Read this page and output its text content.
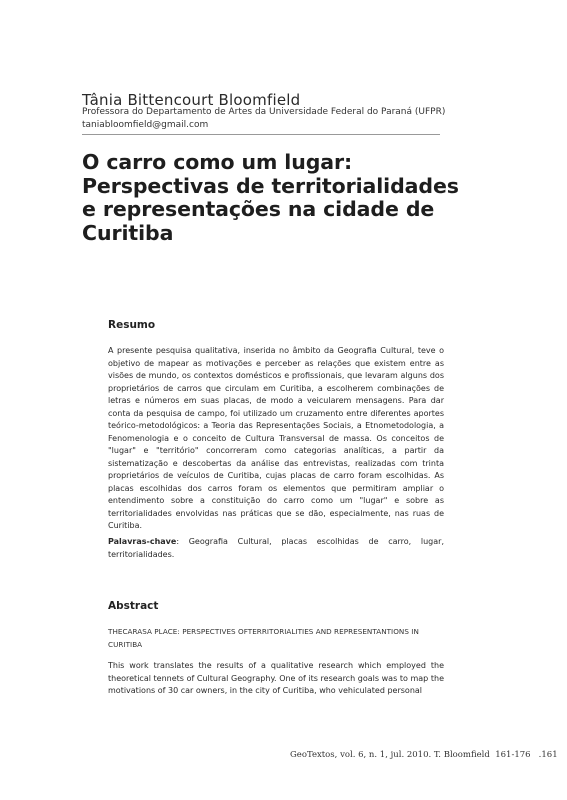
Tânia Bittencourt Bloomfield
Professora do Departamento de Artes da Universidade Federal do Paraná (UFPR)
taniabloomfield@gmail.com
O carro como um lugar:
Perspectivas de territorialidades
e representações na cidade de
Curitiba
Resumo
A presente pesquisa qualitativa, inserida no âmbito da Geografia Cultural, teve o objetivo de mapear as motivações e perceber as relações que existem entre as visões de mundo, os contextos domésticos e profissionais, que levaram alguns dos proprietários de carros que circulam em Curitiba, a escolherem combinações de letras e números em suas placas, de modo a veicularem mensagens. Para dar conta da pesquisa de campo, foi utilizado um cruzamento entre diferentes aportes teórico-metodológicos: a Teoria das Representações Sociais, a Etnometodologia, a Fenomenologia e o conceito de Cultura Transversal de massa. Os conceitos de "lugar" e "território" concorreram como categorias analíticas, a partir da sistematização e descobertas da análise das entrevistas, realizadas com trinta proprietários de veículos de Curitiba, cujas placas de carro foram escolhidas. As placas escolhidas dos carros foram os elementos que permitiram ampliar o entendimento sobre a constituição do carro como um "lugar" e sobre as territorialidades envolvidas nas práticas que se dão, especialmente, nas ruas de Curitiba.
Palavras-chave: Geografia Cultural, placas escolhidas de carro, lugar, territorialidades.
Abstract
THECARASA PLACE: PERSPECTIVES OFTERRITORIALITIES AND REPRESENTANTIONS IN CURITIBA
This work translates the results of a qualitative research which employed the theoretical tennets of Cultural Geography. One of its research goals was to map the motivations of 30 car owners, in the city of Curitiba, who vehiculated personal
GeoTextos, vol. 6, n. 1, jul. 2010. T. Bloomfield  161-176 .161
